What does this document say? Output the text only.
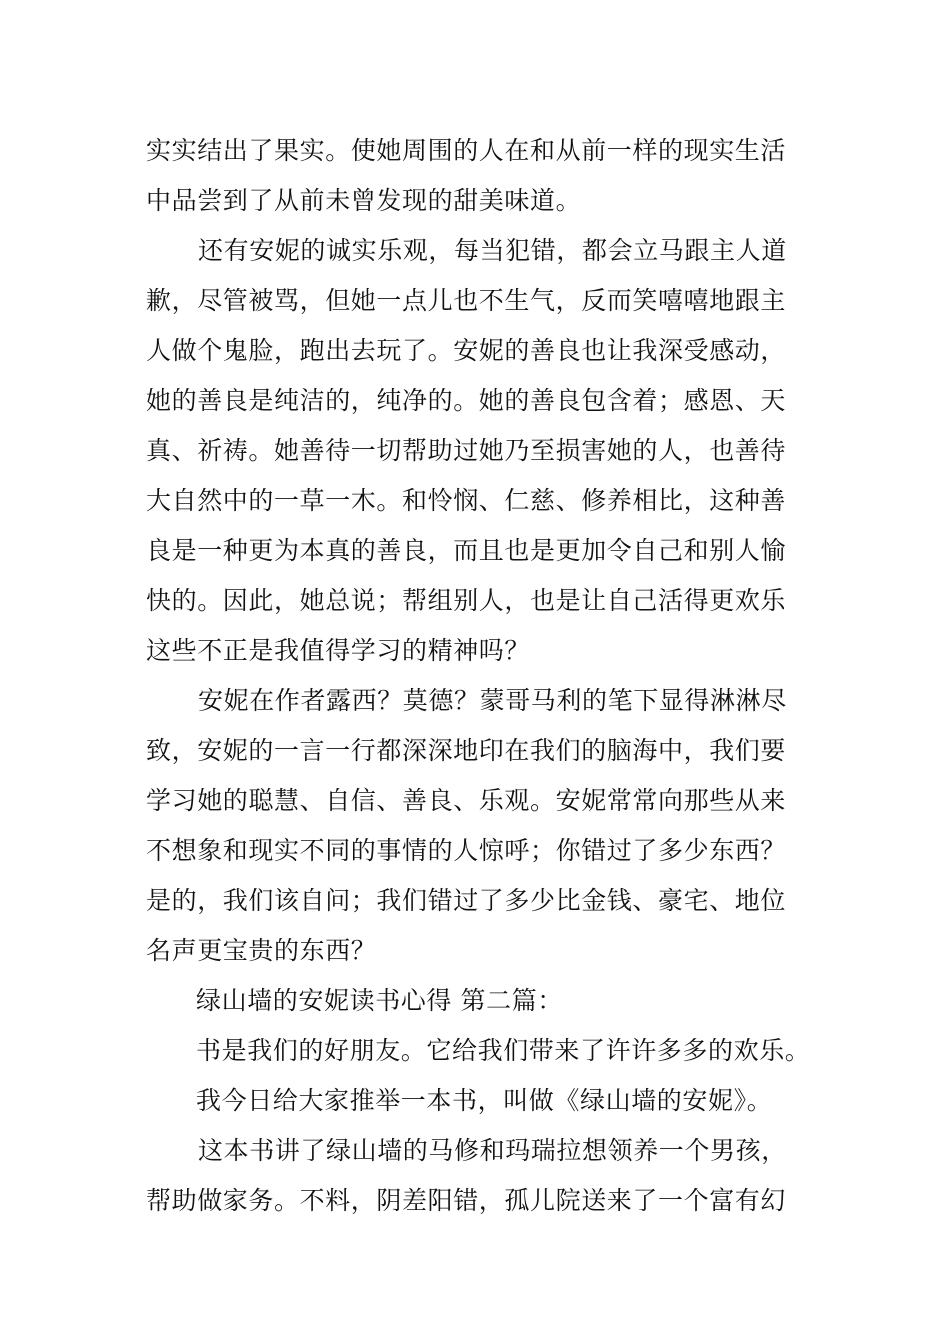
实实结出了果实。使她周围的人在和从前一样的现实生活
中品尝到了从前未曾发现的甜美味道。
还有安妮的诚实乐观，每当犯错，都会立马跟主人道
歉，尽管被骂，但她一点儿也不生气，反而笑嘻嘻地跟主
人做个鬼脸，跑出去玩了。安妮的善良也让我深受感动，
她的善良是纯洁的，纯净的。她的善良包含着；感恩、天
真、祈祷。她善待一切帮助过她乃至损害她的人，也善待
大自然中的一草一木。和怜悯、仁慈、修养相比，这种善
良是一种更为本真的善良，而且也是更加令自己和别人愉
快的。因此，她总说；帮组别人，也是让自己活得更欢乐
这些不正是我值得学习的精神吗？
安妮在作者露西？莫德？蒙哥马利的笔下显得淋淋尽
致，安妮的一言一行都深深地印在我们的脑海中，我们要
学习她的聪慧、自信、善良、乐观。安妮常常向那些从来
不想象和现实不同的事情的人惊呼；你错过了多少东西？
是的，我们该自问；我们错过了多少比金钱、豪宅、地位
名声更宝贵的东西？
绿山墙的安妮读书心得 第二篇：
书是我们的好朋友。它给我们带来了许许多多的欢乐。
我今日给大家推举一本书，叫做《绿山墙的安妮》。
这本书讲了绿山墙的马修和玛瑞拉想领养一个男孩，
帮助做家务。不料，阴差阳错，孤儿院送来了一个富有幻
